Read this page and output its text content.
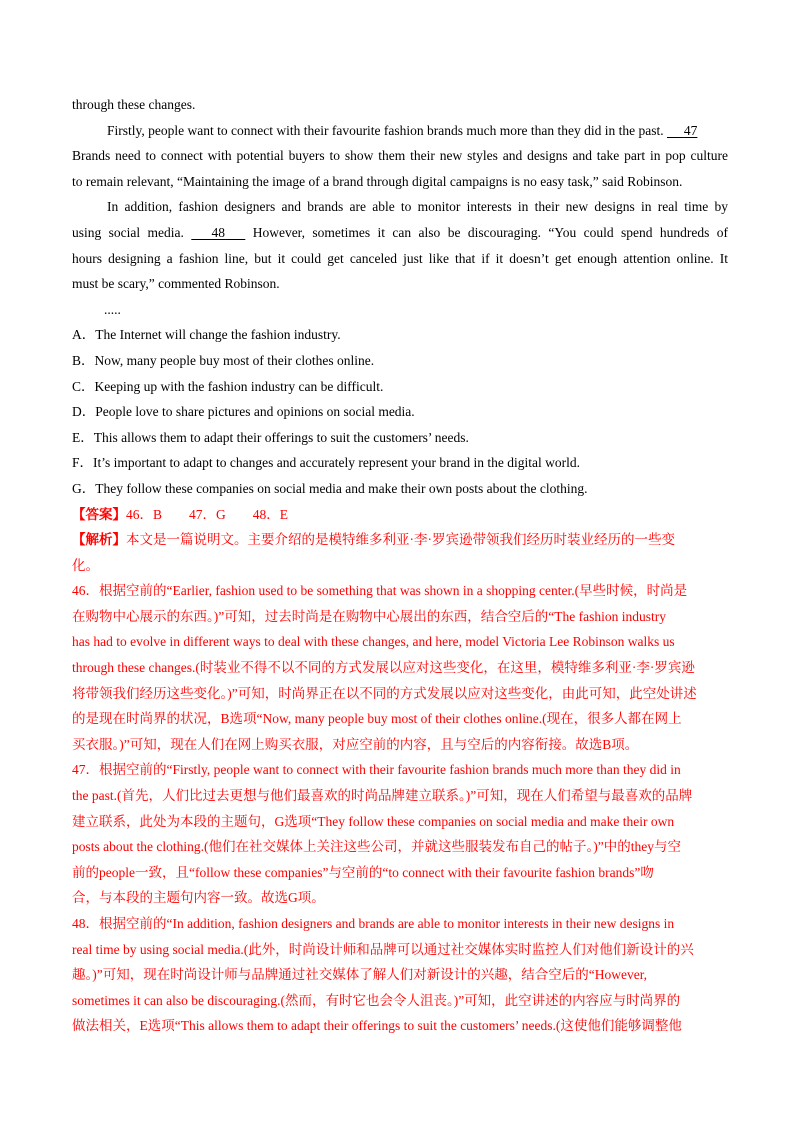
through these changes.
Firstly, people want to connect with their favourite fashion brands much more than they did in the past. 47
Brands need to connect with potential buyers to show them their new styles and designs and take part in pop culture
to remain relevant, “Maintaining the image of a brand through digital campaigns is no easy task,” said Robinson.
In addition, fashion designers and brands are able to monitor interests in their new designs in real time by
using social media. 48 However, sometimes it can also be discouraging. “You could spend hundreds of
hours designing a fashion line, but it could get canceled just like that if it doesn’t get enough attention online. It
must be scary,” commented Robinson.
.....
A．The Internet will change the fashion industry.
B．Now, many people buy most of their clothes online.
C．Keeping up with the fashion industry can be difficult.
D．People love to share pictures and opinions on social media.
E．This allows them to adapt their offerings to suit the customers’ needs.
F．It’s important to adapt to changes and accurately represent your brand in the digital world.
G．They follow these companies on social media and make their own posts about the clothing.
【答案】46．B　　47．G　　48．E
【解析】本文是一篇说明文。主要介绍的是模特维多利亚·李·罗宾逊带领我们经历时装业经历的一些变
化。
46．根据空前的“Earlier, fashion used to be something that was shown in a shopping center.(早些时候，时尚是
在购物中心展示的东西。)”可知，过去时尚是在购物中心展出的东西，结合空后的“The fashion industry
has had to evolve in different ways to deal with these changes, and here, model Victoria Lee Robinson walks us
through these changes.(时装业不得不以不同的方式发展以应对这些变化，在这里，模特维多利亚·李·罗宾逊
将带领我们经历这些变化。)”可知，时尚界正在以不同的方式发展以应对这些变化，由此可知，此空处讲述
的是现在时尚界的状况，B选项“Now, many people buy most of their clothes online.(现在，很多人都在网上
买衣服。)”可知，现在人们在网上购买衣服，对应空前的内容，且与空后的内容衔接。故选B项。
47．根据空前的“Firstly, people want to connect with their favourite fashion brands much more than they did in
the past.(首先，人们比过去更想与他们最喜欢的时尚品牌建立联系。)”可知，现在人们希望与最喜欢的品牌
建立联系，此处为本段的主题句，G选项“They follow these companies on social media and make their own
posts about the clothing.(他们在社交媒体上关注这些公司，并就这些服装发布自己的帖子。)”中的they与空
前的people一致，且“follow these companies”与空前的“to connect with their favourite fashion brands”吻
合，与本段的主题句内容一致。故选G项。
48．根据空前的“In addition, fashion designers and brands are able to monitor interests in their new designs in
real time by using social media.(此外，时尚设计师和品牌可以通过社交媒体实时监控人们对他们新设计的兴
趣。)”可知，现在时尚设计师与品牌通过社交媒体了解人们对新设计的兴趣，结合空后的“However,
sometimes it can also be discouraging.(然而，有时它也会令人沮丧。)”可知，此空讲述的内容应与时尚界的
做法相关，E选项“This allows them to adapt their offerings to suit the customers’ needs.(这使他们能够调整他
